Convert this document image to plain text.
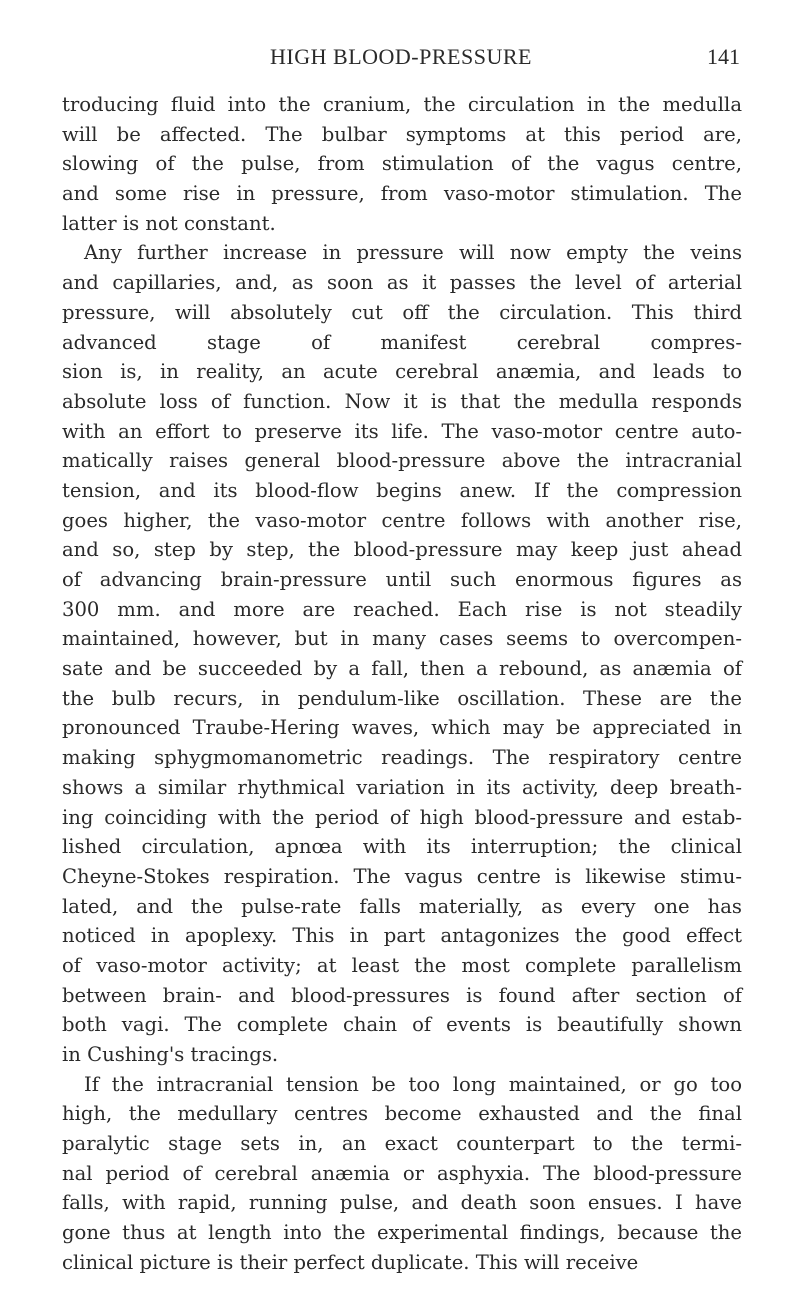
HIGH BLOOD-PRESSURE	141
troducing fluid into the cranium, the circulation in the medulla
will be affected. The bulbar symptoms at this period are,
slowing of the pulse, from stimulation of the vagus centre,
and some rise in pressure, from vaso-motor stimulation. The
latter is not constant.
Any further increase in pressure will now empty the veins
and capillaries, and, as soon as it passes the level of arterial
pressure, will absolutely cut off the circulation. This third
advanced stage of manifest cerebral compres-
sion is, in reality, an acute cerebral anæmia, and leads to
absolute loss of function. Now it is that the medulla responds
with an effort to preserve its life. The vaso-motor centre auto-
matically raises general blood-pressure above the intracranial
tension, and its blood-flow begins anew. If the compression
goes higher, the vaso-motor centre follows with another rise,
and so, step by step, the blood-pressure may keep just ahead
of advancing brain-pressure until such enormous figures as
300 mm. and more are reached. Each rise is not steadily
maintained, however, but in many cases seems to overcompen-
sate and be succeeded by a fall, then a rebound, as anæmia of
the bulb recurs, in pendulum-like oscillation. These are the
pronounced Traube-Hering waves, which may be appreciated in
making sphygmomanometric readings. The respiratory centre
shows a similar rhythmical variation in its activity, deep breath-
ing coinciding with the period of high blood-pressure and estab-
lished circulation, apnœa with its interruption; the clinical
Cheyne-Stokes respiration. The vagus centre is likewise stimu-
lated, and the pulse-rate falls materially, as every one has
noticed in apoplexy. This in part antagonizes the good effect
of vaso-motor activity; at least the most complete parallelism
between brain- and blood-pressures is found after section of
both vagi. The complete chain of events is beautifully shown
in Cushing's tracings.
If the intracranial tension be too long maintained, or go too
high, the medullary centres become exhausted and the final
paralytic stage sets in, an exact counterpart to the termi-
nal period of cerebral anæmia or asphyxia. The blood-pressure
falls, with rapid, running pulse, and death soon ensues. I have
gone thus at length into the experimental findings, because the
clinical picture is their perfect duplicate. This will receive
